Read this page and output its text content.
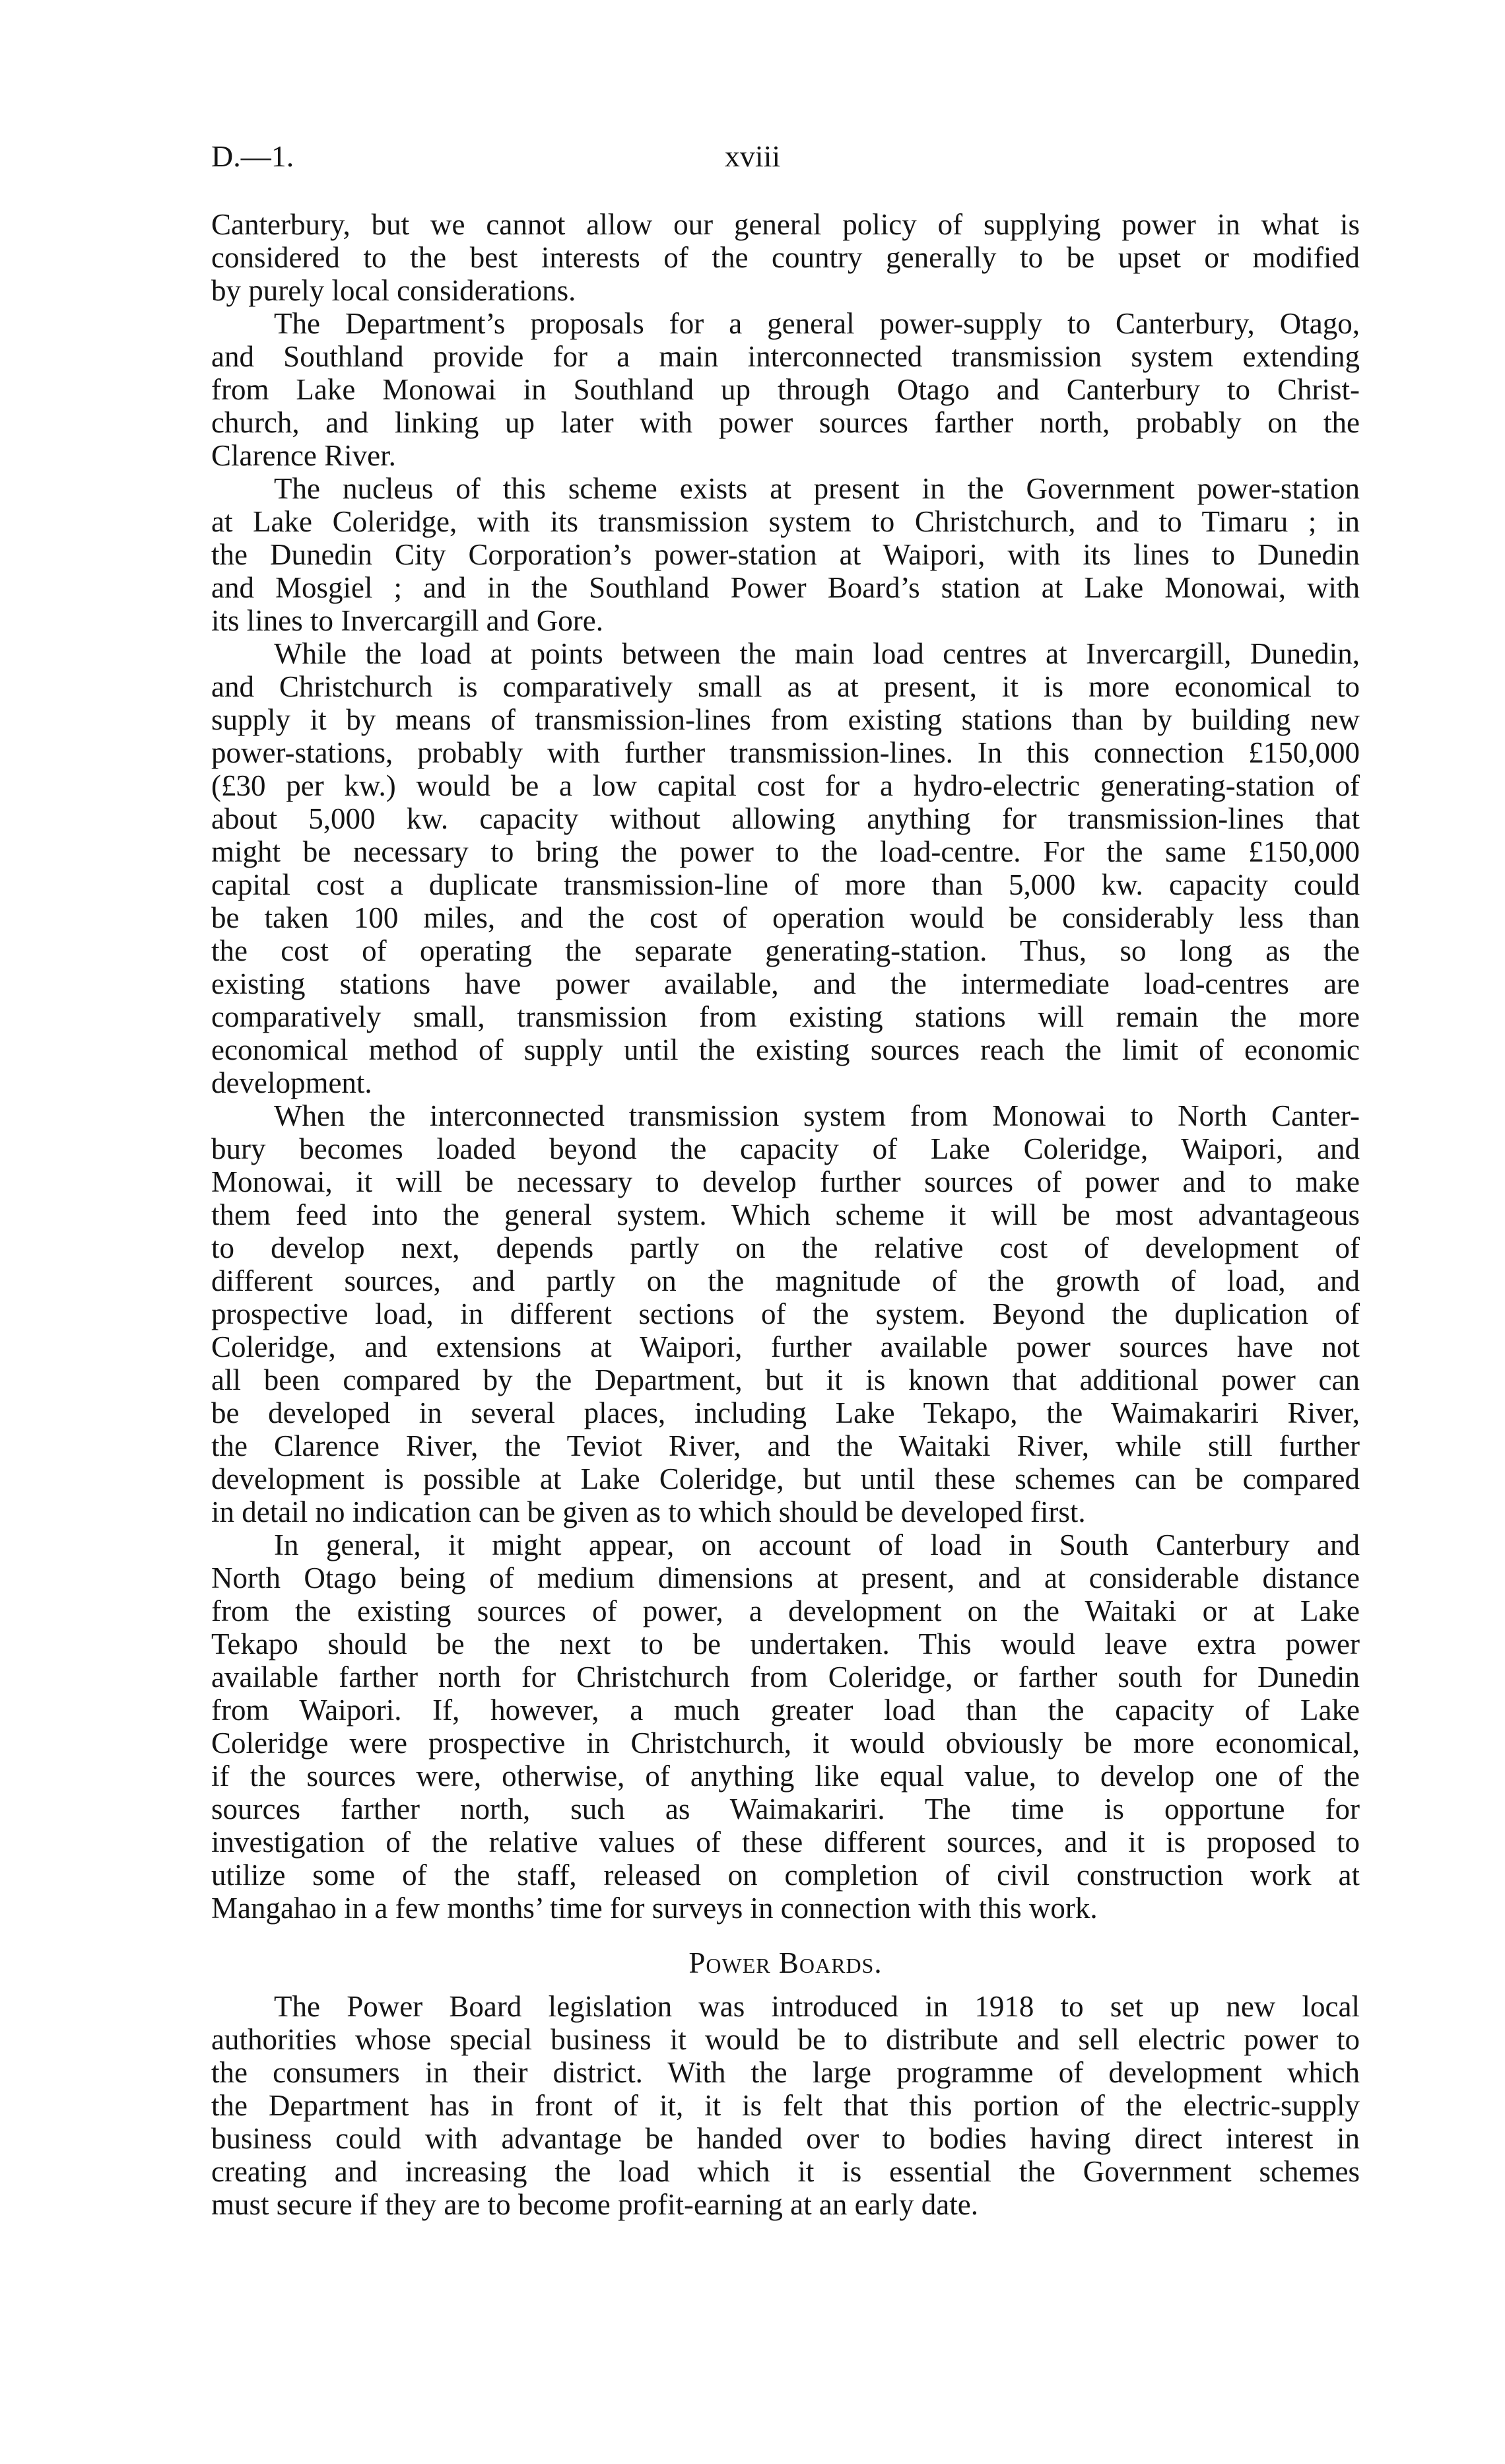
D.—1.	xviii
Canterbury, but we cannot allow our general policy of supplying power in what is
considered to the best interests of the country generally to be upset or modified
by purely local considerations.
The Department’s proposals for a general power-supply to Canterbury, Otago,
and Southland provide for a main interconnected transmission system extending
from Lake Monowai in Southland up through Otago and Canterbury to Christ-
church, and linking up later with power sources farther north, probably on the
Clarence River.
The nucleus of this scheme exists at present in the Government power-station
at Lake Coleridge, with its transmission system to Christchurch, and to Timaru ; in
the Dunedin City Corporation’s power-station at Waipori, with its lines to Dunedin
and Mosgiel ; and in the Southland Power Board’s station at Lake Monowai, with
its lines to Invercargill and Gore.
While the load at points between the main load centres at Invercargill, Dunedin,
and Christchurch is comparatively small as at present, it is more economical to
supply it by means of transmission-lines from existing stations than by building new
power-stations, probably with further transmission-lines. In this connection £150,000
(£30 per kw.) would be a low capital cost for a hydro-electric generating-station of
about 5,000 kw. capacity without allowing anything for transmission-lines that
might be necessary to bring the power to the load-centre. For the same £150,000
capital cost a duplicate transmission-line of more than 5,000 kw. capacity could
be taken 100 miles, and the cost of operation would be considerably less than
the cost of operating the separate generating-station. Thus, so long as the
existing stations have power available, and the intermediate load-centres are
comparatively small, transmission from existing stations will remain the more
economical method of supply until the existing sources reach the limit of economic
development.
When the interconnected transmission system from Monowai to North Canter-
bury becomes loaded beyond the capacity of Lake Coleridge, Waipori, and
Monowai, it will be necessary to develop further sources of power and to make
them feed into the general system. Which scheme it will be most advantageous
to develop next, depends partly on the relative cost of development of
different sources, and partly on the magnitude of the growth of load, and
prospective load, in different sections of the system. Beyond the duplication of
Coleridge, and extensions at Waipori, further available power sources have not
all been compared by the Department, but it is known that additional power can
be developed in several places, including Lake Tekapo, the Waimakariri River,
the Clarence River, the Teviot River, and the Waitaki River, while still further
development is possible at Lake Coleridge, but until these schemes can be compared
in detail no indication can be given as to which should be developed first.
In general, it might appear, on account of load in South Canterbury and
North Otago being of medium dimensions at present, and at considerable distance
from the existing sources of power, a development on the Waitaki or at Lake
Tekapo should be the next to be undertaken. This would leave extra power
available farther north for Christchurch from Coleridge, or farther south for Dunedin
from Waipori. If, however, a much greater load than the capacity of Lake
Coleridge were prospective in Christchurch, it would obviously be more economical,
if the sources were, otherwise, of anything like equal value, to develop one of the
sources farther north, such as Waimakariri. The time is opportune for
investigation of the relative values of these different sources, and it is proposed to
utilize some of the staff, released on completion of civil construction work at
Mangahao in a few months’ time for surveys in connection with this work.
Power Boards.
The Power Board legislation was introduced in 1918 to set up new local
authorities whose special business it would be to distribute and sell electric power to
the consumers in their district. With the large programme of development which
the Department has in front of it, it is felt that this portion of the electric-supply
business could with advantage be handed over to bodies having direct interest in
creating and increasing the load which it is essential the Government schemes
must secure if they are to become profit-earning at an early date.
